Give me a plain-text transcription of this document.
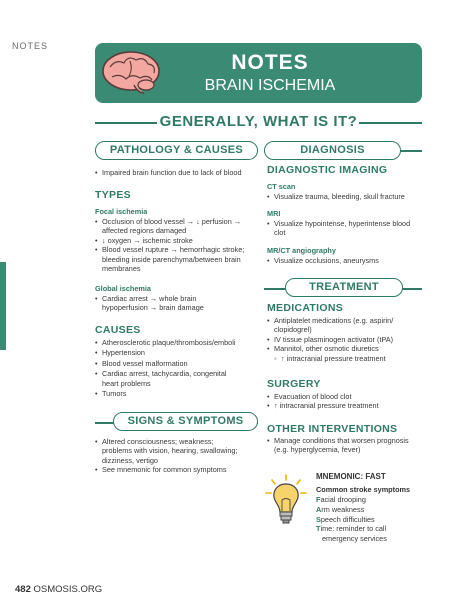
NOTES
NOTES
BRAIN ISCHEMIA
GENERALLY, WHAT IS IT?
PATHOLOGY & CAUSES
• Impaired brain function due to lack of blood
TYPES
Focal ischemia
• Occlusion of blood vessel → ↓ perfusion →
affected regions damaged
• ↓ oxygen → ischemic stroke
• Blood vessel rupture → hemorrhagic stroke;
bleeding inside parenchyma/between brain
membranes
Global ischemia
• Cardiac arrest → whole brain
hypoperfusion → brain damage
CAUSES
• Atherosclerotic plaque/thrombosis/emboli
• Hypertension
• Blood vessel malformation
• Cardiac arrest, tachycardia, congenital
heart problems
• Tumors
SIGNS & SYMPTOMS
• Altered consciousness; weakness;
problems with vision, hearing, swallowing;
dizziness, vertigo
• See mnemonic for common symptoms
DIAGNOSIS
DIAGNOSTIC IMAGING
CT scan
• Visualize trauma, bleeding, skull fracture
MRI
• Visualize hypointense, hyperintense blood
clot
MR/CT angiography
• Visualize occlusions, aneurysms
TREATMENT
MEDICATIONS
• Antiplatelet medications (e.g. aspirin/
clopidogrel)
• IV tissue plasminogen activator (tPA)
• Mannitol, other osmotic diuretics
◦ ↑ intracranial pressure treatment
SURGERY
• Evacuation of blood clot
• ↑ intracranial pressure treatment
OTHER INTERVENTIONS
• Manage conditions that worsen prognosis
(e.g. hyperglycemia, fever)
MNEMONIC: FAST
Common stroke symptoms
Facial drooping
Arm weakness
Speech difficulties
Time: reminder to call
emergency services
482 OSMOSIS.ORG
